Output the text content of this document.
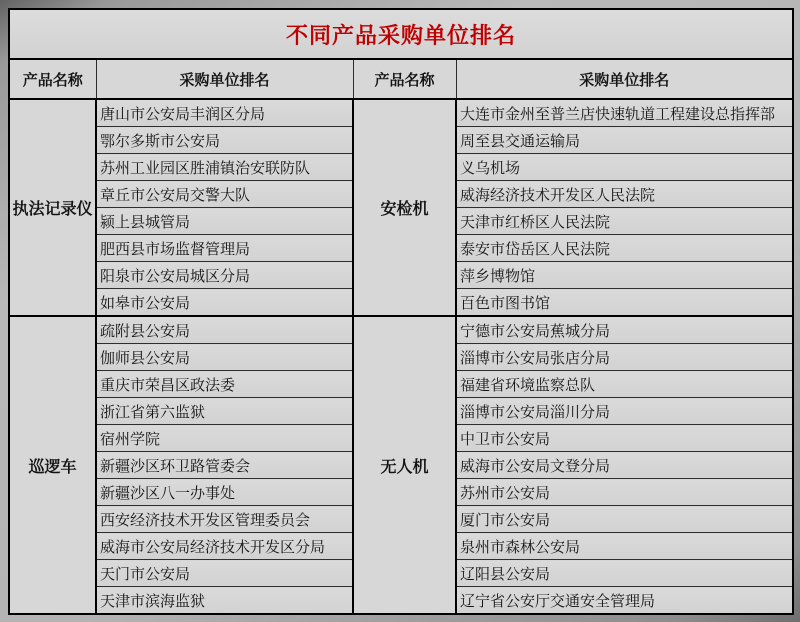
不同产品采购单位排名			
产品名称	采购单位排名	产品名称	采购单位排名
执法记录仪	唐山市公安局丰润区分局	安检机	大连市金州至普兰店快速轨道工程建设总指挥部
	鄂尔多斯市公安局		周至县交通运输局
	苏州工业园区胜浦镇治安联防队		义乌机场
	章丘市公安局交警大队		威海经济技术开发区人民法院
	颍上县城管局		天津市红桥区人民法院
	肥西县市场监督管理局		泰安市岱岳区人民法院
	阳泉市公安局城区分局		萍乡博物馆
	如皋市公安局		百色市图书馆
巡逻车	疏附县公安局	无人机	宁德市公安局蕉城分局
	伽师县公安局		淄博市公安局张店分局
	重庆市荣昌区政法委		福建省环境监察总队
	浙江省第六监狱		淄博市公安局淄川分局
	宿州学院		中卫市公安局
	新疆沙区环卫路管委会		威海市公安局文登分局
	新疆沙区八一办事处		苏州市公安局
	西安经济技术开发区管理委员会		厦门市公安局
	威海市公安局经济技术开发区分局		泉州市森林公安局
	天门市公安局		辽阳县公安局
	天津市滨海监狱		辽宁省公安厅交通安全管理局
